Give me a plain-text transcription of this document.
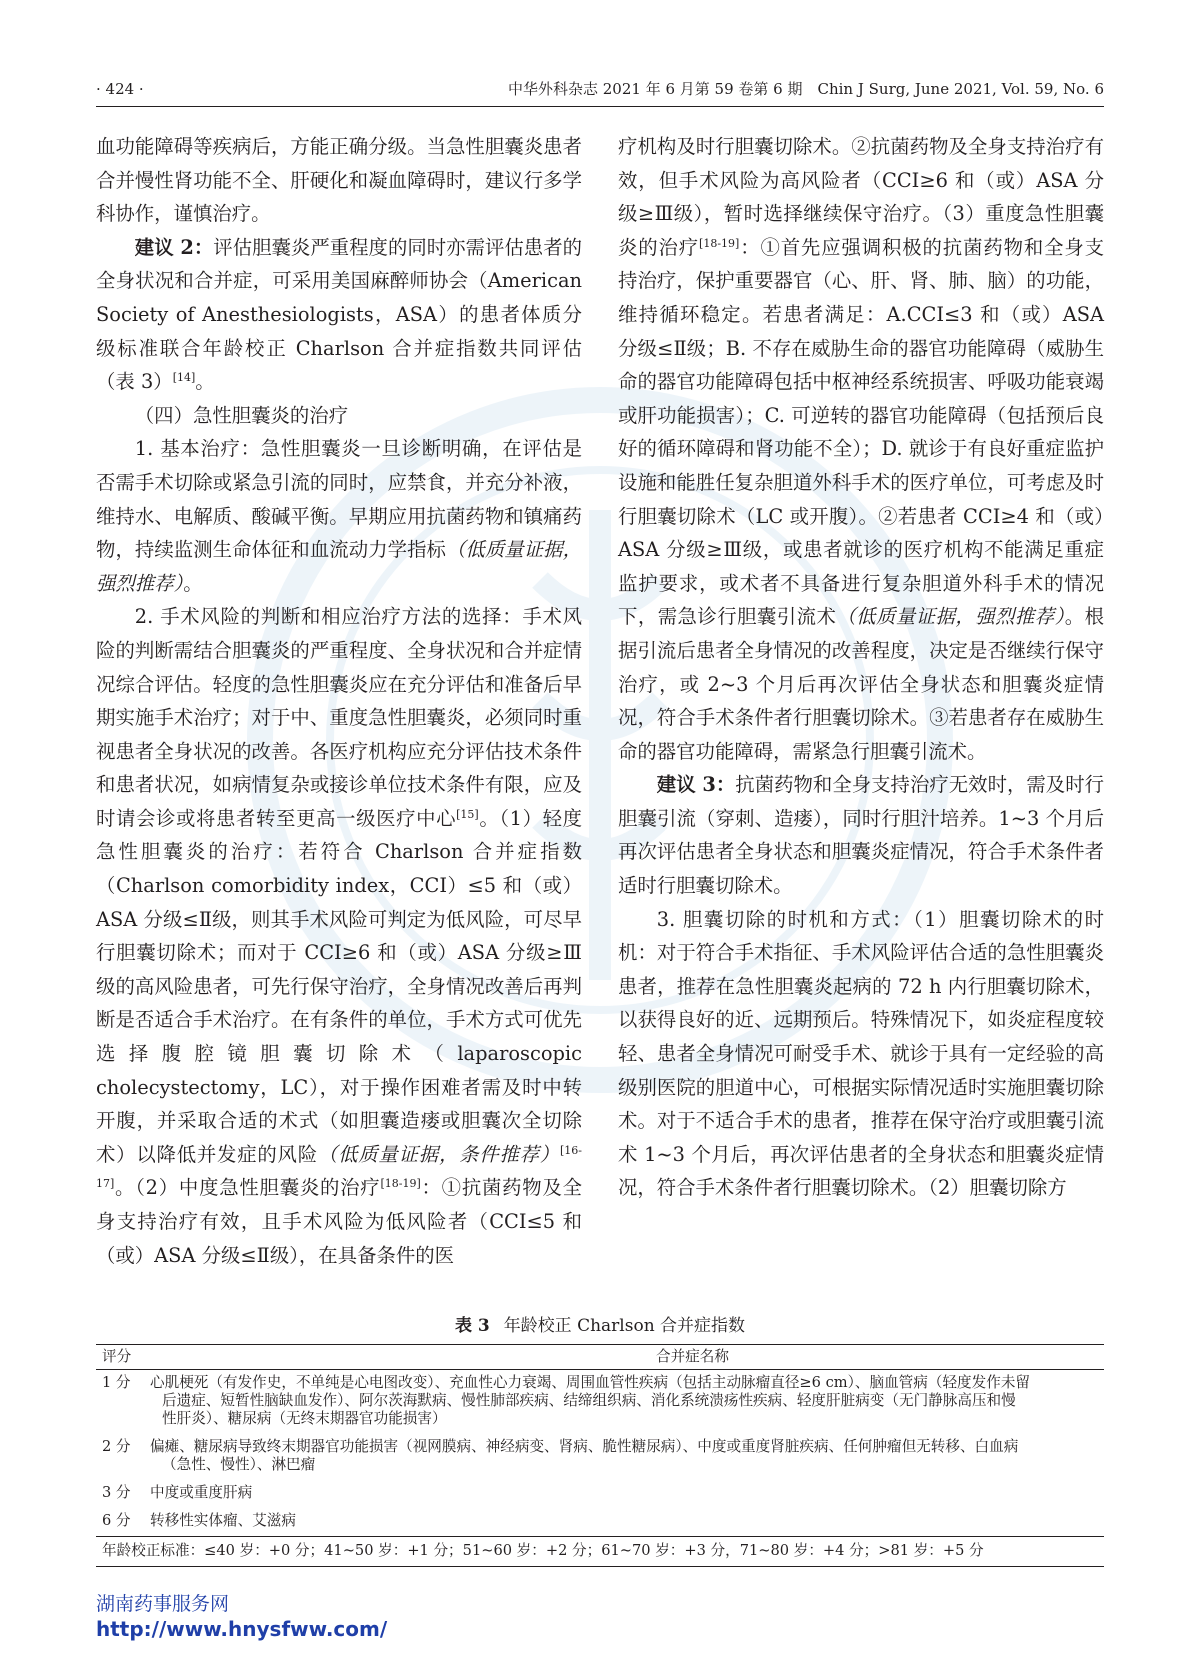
· 424 ·	中华外科杂志 2021 年 6 月第 59 卷第 6 期　Chin J Surg, June 2021, Vol. 59, No. 6

血功能障碍等疾病后，方能正确分级。当急性胆囊炎患者合并慢性肾功能不全、肝硬化和凝血障碍时，建议行多学科协作，谨慎治疗。

建议 2：评估胆囊炎严重程度的同时亦需评估患者的全身状况和合并症，可采用美国麻醉师协会（American Society of Anesthesiologists，ASA）的患者体质分级标准联合年龄校正 Charlson 合并症指数共同评估（表 3）[14]。

（四）急性胆囊炎的治疗

1. 基本治疗：急性胆囊炎一旦诊断明确，在评估是否需手术切除或紧急引流的同时，应禁食，并充分补液，维持水、电解质、酸碱平衡。早期应用抗菌药物和镇痛药物，持续监测生命体征和血流动力学指标（低质量证据，强烈推荐）。

2. 手术风险的判断和相应治疗方法的选择：手术风险的判断需结合胆囊炎的严重程度、全身状况和合并症情况综合评估。轻度的急性胆囊炎应在充分评估和准备后早期实施手术治疗；对于中、重度急性胆囊炎，必须同时重视患者全身状况的改善。各医疗机构应充分评估技术条件和患者状况，如病情复杂或接诊单位技术条件有限，应及时请会诊或将患者转至更高一级医疗中心[15]。（1）轻度急性胆囊炎的治疗：若符合 Charlson 合并症指数（Charlson comorbidity index，CCI）≤5 和（或）ASA 分级≤Ⅱ级，则其手术风险可判定为低风险，可尽早行胆囊切除术；而对于 CCI≥6 和（或）ASA 分级≥Ⅲ级的高风险患者，可先行保守治疗，全身情况改善后再判断是否适合手术治疗。在有条件的单位，手术方式可优先选择腹腔镜胆囊切除术（laparoscopic cholecystectomy，LC），对于操作困难者需及时中转开腹，并采取合适的术式（如胆囊造瘘或胆囊次全切除术）以降低并发症的风险（低质量证据，条件推荐）[16-17]。（2）中度急性胆囊炎的治疗[18-19]：①抗菌药物及全身支持治疗有效，且手术风险为低风险者（CCI≤5 和（或）ASA 分级≤Ⅱ级），在具备条件的医

疗机构及时行胆囊切除术。②抗菌药物及全身支持治疗有效，但手术风险为高风险者（CCI≥6 和（或）ASA 分级≥Ⅲ级），暂时选择继续保守治疗。（3）重度急性胆囊炎的治疗[18-19]：①首先应强调积极的抗菌药物和全身支持治疗，保护重要器官（心、肝、肾、肺、脑）的功能，维持循环稳定。若患者满足：A.CCI≤3 和（或）ASA 分级≤Ⅱ级；B. 不存在威胁生命的器官功能障碍（威胁生命的器官功能障碍包括中枢神经系统损害、呼吸功能衰竭或肝功能损害）；C. 可逆转的器官功能障碍（包括预后良好的循环障碍和肾功能不全）；D. 就诊于有良好重症监护设施和能胜任复杂胆道外科手术的医疗单位，可考虑及时行胆囊切除术（LC 或开腹）。②若患者 CCI≥4 和（或）ASA 分级≥Ⅲ级，或患者就诊的医疗机构不能满足重症监护要求，或术者不具备进行复杂胆道外科手术的情况下，需急诊行胆囊引流术（低质量证据，强烈推荐）。根据引流后患者全身情况的改善程度，决定是否继续行保守治疗，或 2~3 个月后再次评估全身状态和胆囊炎症情况，符合手术条件者行胆囊切除术。③若患者存在威胁生命的器官功能障碍，需紧急行胆囊引流术。

建议 3：抗菌药物和全身支持治疗无效时，需及时行胆囊引流（穿刺、造瘘），同时行胆汁培养。1~3 个月后再次评估患者全身状态和胆囊炎症情况，符合手术条件者适时行胆囊切除术。

3. 胆囊切除的时机和方式：（1）胆囊切除术的时机：对于符合手术指征、手术风险评估合适的急性胆囊炎患者，推荐在急性胆囊炎起病的 72 h 内行胆囊切除术，以获得良好的近、远期预后。特殊情况下，如炎症程度较轻、患者全身情况可耐受手术、就诊于具有一定经验的高级别医院的胆道中心，可根据实际情况适时实施胆囊切除术。对于不适合手术的患者，推荐在保守治疗或胆囊引流术 1~3 个月后，再次评估患者的全身状态和胆囊炎症情况，符合手术条件者行胆囊切除术。（2）胆囊切除方

表 3 年龄校正 Charlson 合并症指数
评分	合并症名称
1 分	心肌梗死（有发作史，不单纯是心电图改变）、充血性心力衰竭、周围血管性疾病（包括主动脉瘤直径≥6 cm）、脑血管病（轻度发作未留
后遗症、短暂性脑缺血发作）、阿尔茨海默病、慢性肺部疾病、结缔组织病、消化系统溃疡性疾病、轻度肝脏病变（无门静脉高压和慢
性肝炎）、糖尿病（无终末期器官功能损害）
2 分	偏瘫、糖尿病导致终末期器官功能损害（视网膜病、神经病变、肾病、脆性糖尿病）、中度或重度肾脏疾病、任何肿瘤但无转移、白血病
（急性、慢性）、淋巴瘤
3 分	中度或重度肝病
6 分	转移性实体瘤、艾滋病
年龄校正标准：≤40 岁：+0 分；41~50 岁：+1 分；51~60 岁：+2 分；61~70 岁：+3 分，71~80 岁：+4 分；>81 岁：+5 分
湖南药事服务网
http://www.hnysfww.com/
